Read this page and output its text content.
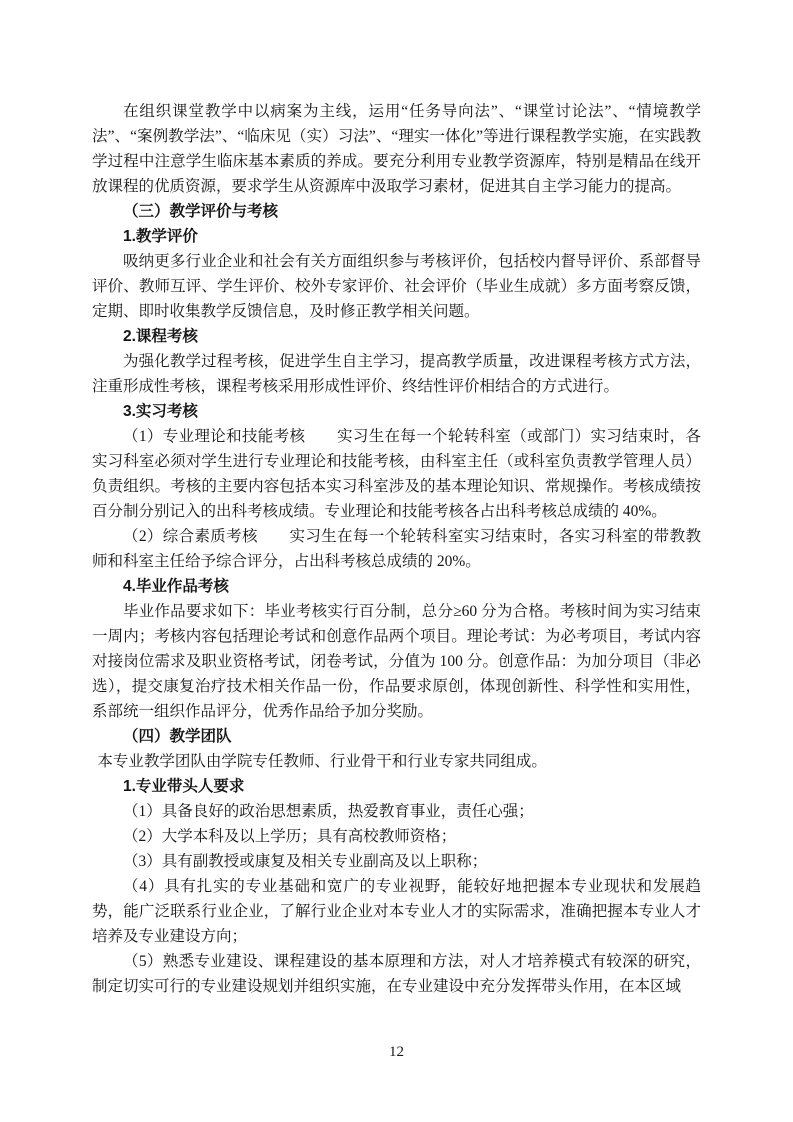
在组织课堂教学中以病案为主线，运用“任务导向法”、“课堂讨论法”、“情境教学法”、“案例教学法”、“临床见（实）习法”、“理实一体化”等进行课程教学实施，在实践教学过程中注意学生临床基本素质的养成。要充分利用专业教学资源库，特别是精品在线开放课程的优质资源，要求学生从资源库中汲取学习素材，促进其自主学习能力的提高。

（三）教学评价与考核

1.教学评价

吸纳更多行业企业和社会有关方面组织参与考核评价，包括校内督导评价、系部督导评价、教师互评、学生评价、校外专家评价、社会评价（毕业生成就）多方面考察反馈，定期、即时收集教学反馈信息，及时修正教学相关问题。

2.课程考核

为强化教学过程考核，促进学生自主学习，提高教学质量，改进课程考核方式方法，注重形成性考核，课程考核采用形成性评价、终结性评价相结合的方式进行。

3.实习考核

（1）专业理论和技能考核　　实习生在每一个轮转科室（或部门）实习结束时，各实习科室必须对学生进行专业理论和技能考核，由科室主任（或科室负责教学管理人员）负责组织。考核的主要内容包括本实习科室涉及的基本理论知识、常规操作。考核成绩按百分制分别记入的出科考核成绩。专业理论和技能考核各占出科考核总成绩的 40%。

（2）综合素质考核　　实习生在每一个轮转科室实习结束时，各实习科室的带教教师和科室主任给予综合评分，占出科考核总成绩的 20%。

4.毕业作品考核

毕业作品要求如下：毕业考核实行百分制，总分≥60 分为合格。考核时间为实习结束一周内；考核内容包括理论考试和创意作品两个项目。理论考试：为必考项目，考试内容对接岗位需求及职业资格考试，闭卷考试，分值为 100 分。创意作品：为加分项目（非必选），提交康复治疗技术相关作品一份，作品要求原创，体现创新性、科学性和实用性，系部统一组织作品评分，优秀作品给予加分奖励。

（四）教学团队

本专业教学团队由学院专任教师、行业骨干和行业专家共同组成。

1.专业带头人要求

（1）具备良好的政治思想素质，热爱教育事业，责任心强；

（2）大学本科及以上学历；具有高校教师资格；

（3）具有副教授或康复及相关专业副高及以上职称；

（4）具有扎实的专业基础和宽广的专业视野，能较好地把握本专业现状和发展趋势，能广泛联系行业企业，了解行业企业对本专业人才的实际需求，准确把握本专业人才培养及专业建设方向；

（5）熟悉专业建设、课程建设的基本原理和方法，对人才培养模式有较深的研究，制定切实可行的专业建设规划并组织实施，在专业建设中充分发挥带头作用，在本区域

12
